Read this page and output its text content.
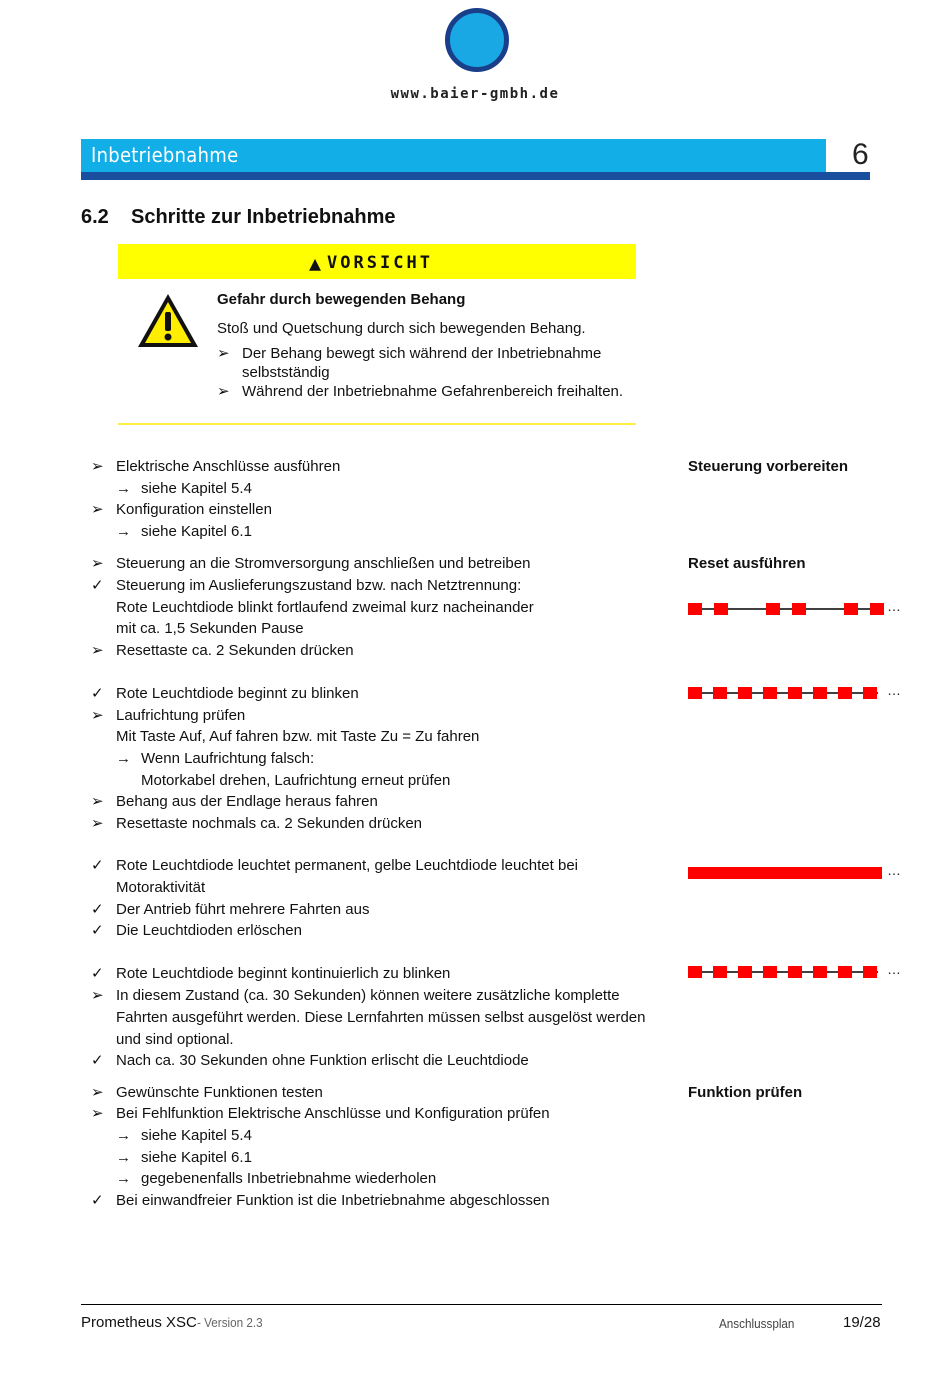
www.baier-gmbh.de
Inbetriebnahme	6
6.2 Schritte zur Inbetriebnahme
▲ VORSICHT
Gefahr durch bewegenden Behang
Stoß und Quetschung durch sich bewegenden Behang.
➢ Der Behang bewegt sich während der Inbetriebnahme selbstständig
➢ Während der Inbetriebnahme Gefahrenbereich freihalten.
➢ Elektrische Anschlüsse ausführen
→ siehe Kapitel 5.4
➢ Konfiguration einstellen
→ siehe Kapitel 6.1
Steuerung vorbereiten
➢ Steuerung an die Stromversorgung anschließen und betreiben
✓ Steuerung im Auslieferungszustand bzw. nach Netztrennung:
Rote Leuchtdiode blinkt fortlaufend zweimal kurz nacheinander
mit ca. 1,5 Sekunden Pause
Resettaste ca. 2 Sekunden drücken
➢
Reset ausführen
…
✓ Rote Leuchtdiode beginnt zu blinken
➢ Laufrichtung prüfen
Mit Taste Auf, Auf fahren bzw. mit Taste Zu = Zu fahren
→ Wenn Laufrichtung falsch:
Motorkabel drehen, Laufrichtung erneut prüfen
➢ Behang aus der Endlage heraus fahren
➢ Resettaste nochmals ca. 2 Sekunden drücken
…
✓ Rote Leuchtdiode leuchtet permanent, gelbe Leuchtdiode leuchtet bei
Motoraktivität
✓ Der Antrieb führt mehrere Fahrten aus
✓ Die Leuchtdioden erlöschen
…
✓ Rote Leuchtdiode beginnt kontinuierlich zu blinken
➢ In diesem Zustand (ca. 30 Sekunden) können weitere zusätzliche komplette
Fahrten ausgeführt werden. Diese Lernfahrten müssen selbst ausgelöst werden
und sind optional.
✓ Nach ca. 30 Sekunden ohne Funktion erlischt die Leuchtdiode
…
➢ Gewünschte Funktionen testen
➢ Bei Fehlfunktion Elektrische Anschlüsse und Konfiguration prüfen
→ siehe Kapitel 5.4
→ siehe Kapitel 6.1
→ gegebenenfalls Inbetriebnahme wiederholen
✓ Bei einwandfreier Funktion ist die Inbetriebnahme abgeschlossen
Funktion prüfen
Prometheus XSC- Version 2.3	Anschlussplan	19/28
